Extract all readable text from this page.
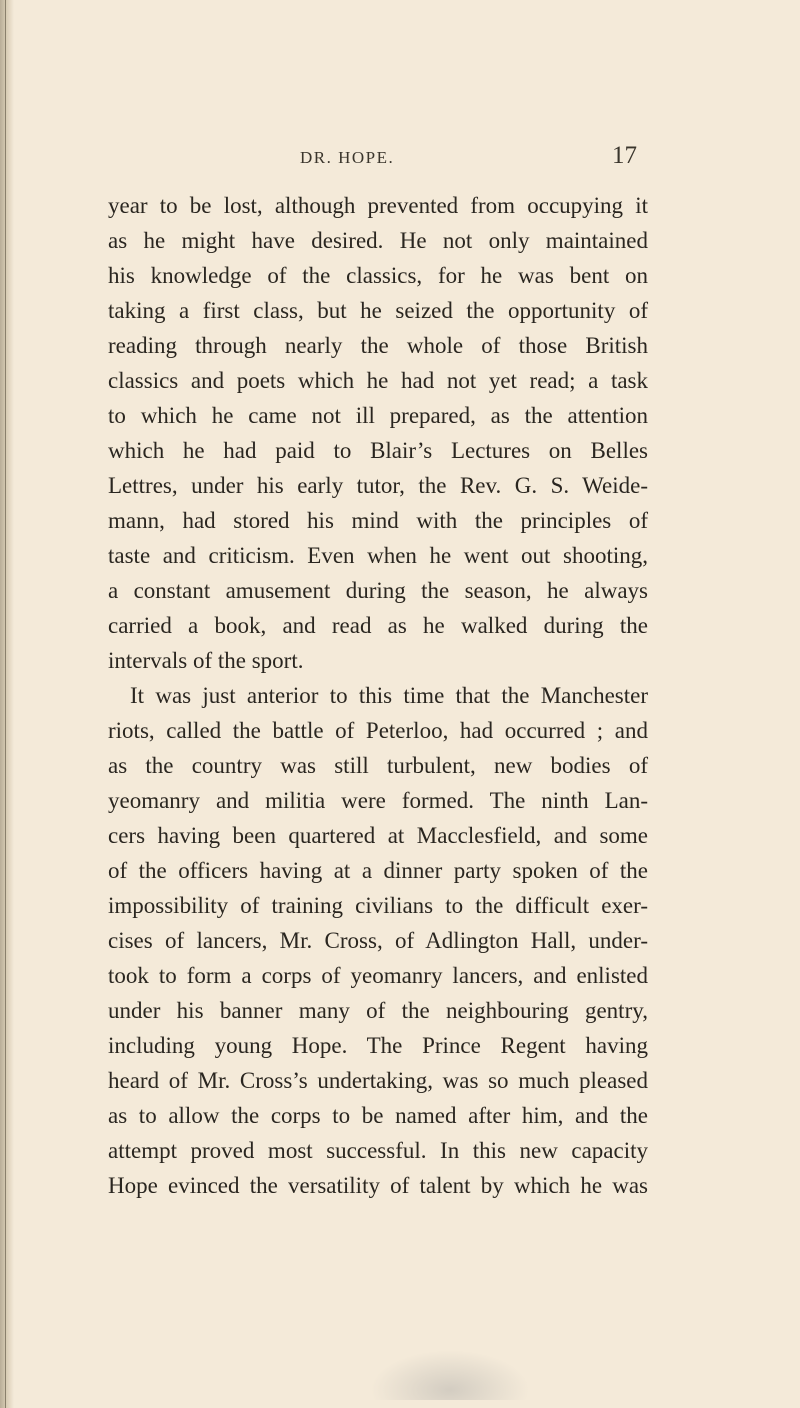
DR. HOPE.	17
year to be lost, although prevented from occupying it
as he might have desired. He not only maintained
his knowledge of the classics, for he was bent on
taking a first class, but he seized the opportunity of
reading through nearly the whole of those British
classics and poets which he had not yet read; a task
to which he came not ill prepared, as the attention
which he had paid to Blair’s Lectures on Belles
Lettres, under his early tutor, the Rev. G. S. Weide-
mann, had stored his mind with the principles of
taste and criticism. Even when he went out shooting,
a constant amusement during the season, he always
carried a book, and read as he walked during the
intervals of the sport.
It was just anterior to this time that the Manchester
riots, called the battle of Peterloo, had occurred ; and
as the country was still turbulent, new bodies of
yeomanry and militia were formed. The ninth Lan-
cers having been quartered at Macclesfield, and some
of the officers having at a dinner party spoken of the
impossibility of training civilians to the difficult exer-
cises of lancers, Mr. Cross, of Adlington Hall, under-
took to form a corps of yeomanry lancers, and enlisted
under his banner many of the neighbouring gentry,
including young Hope. The Prince Regent having
heard of Mr. Cross’s undertaking, was so much pleased
as to allow the corps to be named after him, and the
attempt proved most successful. In this new capacity
Hope evinced the versatility of talent by which he was
